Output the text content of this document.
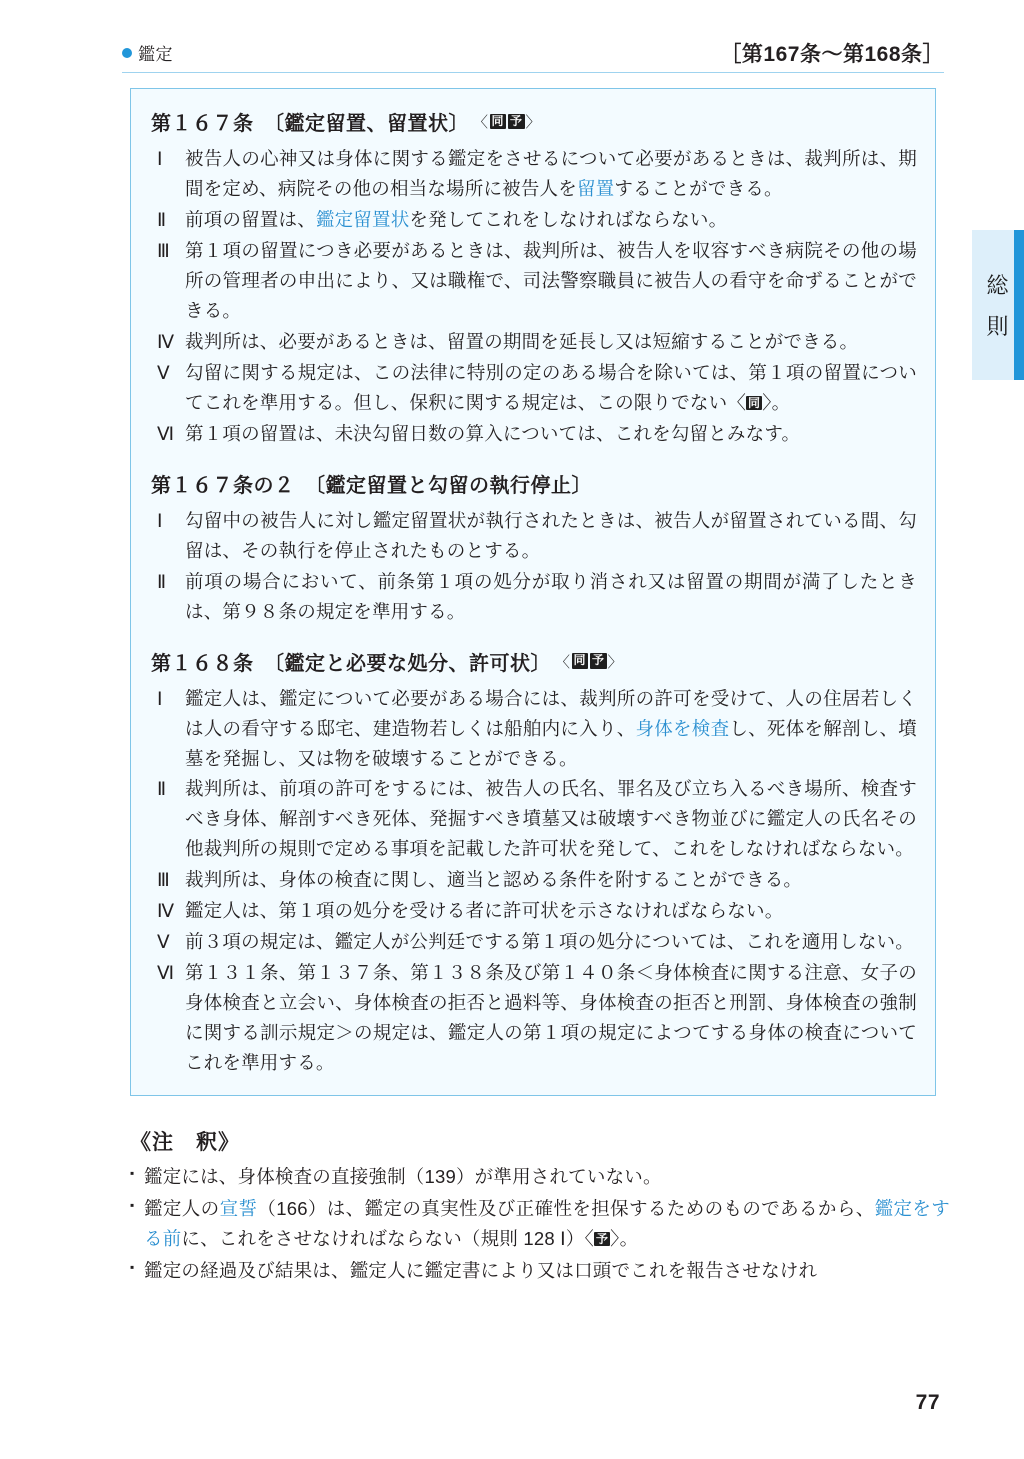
鑑定	［第167条〜第168条］
総
則
第１６７条　〔鑑定留置、留置状〕 〈 同 予 〉
Ⅰ	被告人の心神又は身体に関する鑑定をさせるについて必要があるときは、裁判所は、期間を定め、病院その他の相当な場所に被告人を留置することができる。
Ⅱ	前項の留置は、鑑定留置状を発してこれをしなければならない。
Ⅲ 第１項の留置につき必要があるときは、裁判所は、被告人を収容すべき病院その他の場所の管理者の申出により、又は職権で、司法警察職員に被告人の看守を命ずることができる。
Ⅳ 裁判所は、必要があるときは、留置の期間を延長し又は短縮することができる。
Ⅴ 勾留に関する規定は、この法律に特別の定のある場合を除いては、第１項の留置についてこれを準用する。但し、保釈に関する規定は、この限りでない〈 同 〉。
Ⅵ 第１項の留置は、未決勾留日数の算入については、これを勾留とみなす。
第１６７条の２　〔鑑定留置と勾留の執行停止〕
Ⅰ	勾留中の被告人に対し鑑定留置状が執行されたときは、被告人が留置されている間、勾留は、その執行を停止されたものとする。
Ⅱ	前項の場合において、前条第１項の処分が取り消され又は留置の期間が満了したときは、第９８条の規定を準用する。
第１６８条　〔鑑定と必要な処分、許可状〕 〈 同 予 〉
Ⅰ	鑑定人は、鑑定について必要がある場合には、裁判所の許可を受けて、人の住居若しくは人の看守する邸宅、建造物若しくは船舶内に入り、身体を検査し、死体を解剖し、墳墓を発掘し、又は物を破壊することができる。
Ⅱ	裁判所は、前項の許可をするには、被告人の氏名、罪名及び立ち入るべき場所、検査すべき身体、解剖すべき死体、発掘すべき墳墓又は破壊すべき物並びに鑑定人の氏名その他裁判所の規則で定める事項を記載した許可状を発して、これをしなければならない。
Ⅲ 裁判所は、身体の検査に関し、適当と認める条件を附することができる。
Ⅳ 鑑定人は、第１項の処分を受ける者に許可状を示さなければならない。
Ⅴ 前３項の規定は、鑑定人が公判廷でする第１項の処分については、これを適用しない。
Ⅵ 第１３１条、第１３７条、第１３８条及び第１４０条＜身体検査に関する注意、女子の身体検査と立会い、身体検査の拒否と過料等、身体検査の拒否と刑罰、身体検査の強制に関する訓示規定＞の規定は、鑑定人の第１項の規定によつてする身体の検査についてこれを準用する。
《注　釈》
▪ 鑑定には、身体検査の直接強制（139）が準用されていない。
▪ 鑑定人の宣誓（166）は、鑑定の真実性及び正確性を担保するためのものであるから、鑑定をする前に、これをさせなければならない（規則 128 Ⅰ）〈 予 〉。
▪ 鑑定の経過及び結果は、鑑定人に鑑定書により又は口頭でこれを報告させなけれ
77
